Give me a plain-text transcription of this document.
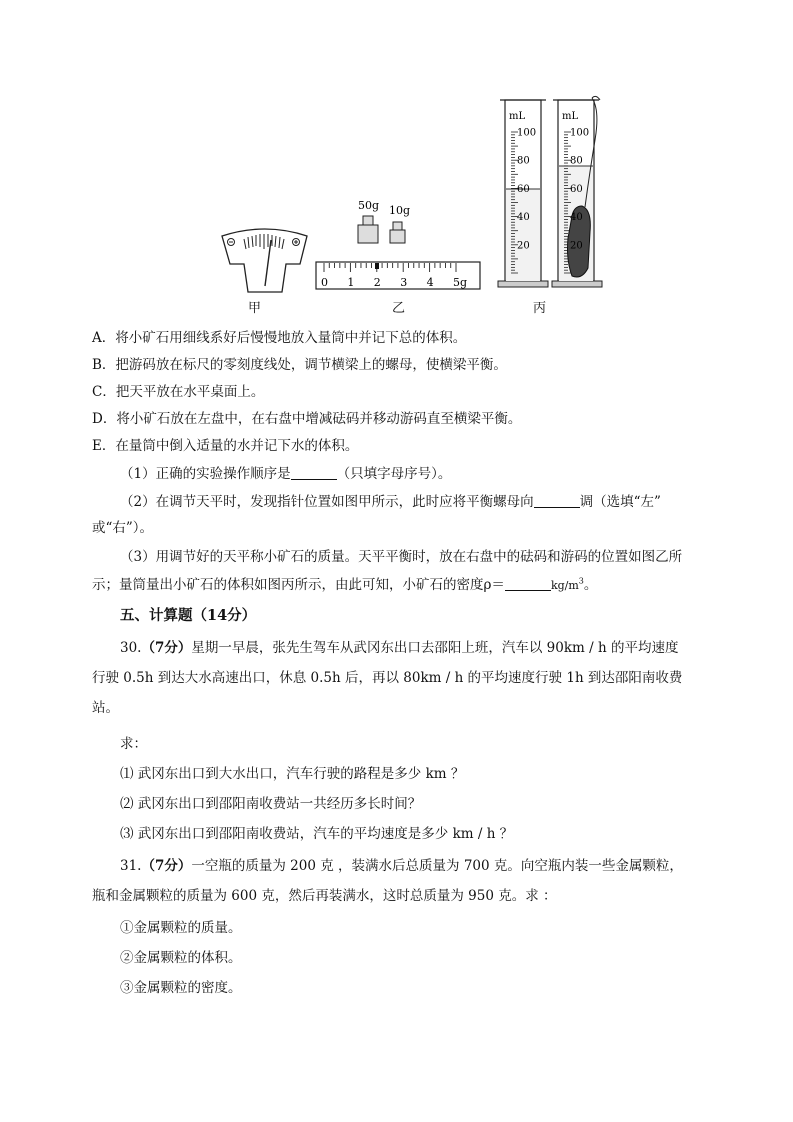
50g 10g
0 1 2 3 4 5g
mL
100
80
60
40
20
mL
100
80
60
40
20
甲	乙	丙
A．将小矿石用细线系好后慢慢地放入量筒中并记下总的体积。
B．把游码放在标尺的零刻度线处，调节横梁上的螺母，使横梁平衡。
C．把天平放在水平桌面上。
D．将小矿石放在左盘中，在右盘中增减砝码并移动游码直至横梁平衡。
E．在量筒中倒入适量的水并记下水的体积。
（1）正确的实验操作顺序是	（只填字母序号）。
（2）在调节天平时，发现指针位置如图甲所示，此时应将平衡螺母向	调（选填“左”
或“右”）。
（3）用调节好的天平称小矿石的质量。天平平衡时，放在右盘中的砝码和游码的位置如图乙所
示；量筒量出小矿石的体积如图丙所示，由此可知，小矿石的密度ρ＝	$kg/m^3$。
五、计算题（14分）
30.（7分）星期一早晨，张先生驾车从武冈东出口去邵阳上班，汽车以 90km / h 的平均速度
行驶 0.5h 到达大水高速出口，休息 0.5h 后，再以 80km / h 的平均速度行驶 1h 到达邵阳南收费
站。
求：
⑴ 武冈东出口到大水出口，汽车行驶的路程是多少 km ？
⑵ 武冈东出口到邵阳南收费站一共经历多长时间？
⑶ 武冈东出口到邵阳南收费站，汽车的平均速度是多少 km / h ？
31.（7分）一空瓶的质量为 200 克 ，装满水后总质量为 700 克。向空瓶内装一些金属颗粒，
瓶和金属颗粒的质量为 600 克，然后再装满水，这时总质量为 950 克。求 ：
①金属颗粒的质量。
②金属颗粒的体积。
③金属颗粒的密度。
